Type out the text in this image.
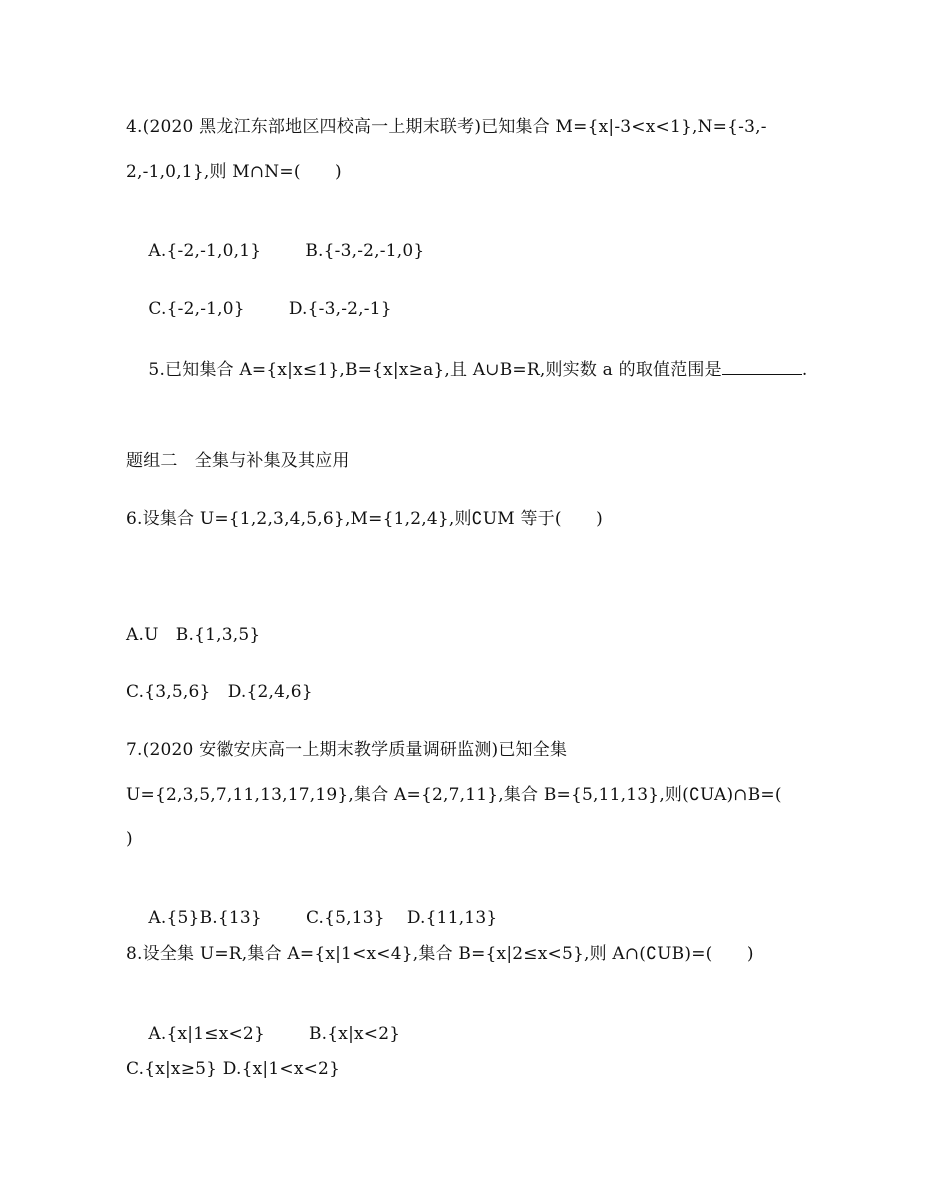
4.(2020 黑龙江东部地区四校高一上期末联考)已知集合 M={x|-3<x<1},N={-3,-
2,-1,0,1},则 M∩N=(　　)

A.{-2,-1,0,1}	B.{-3,-2,-1,0}

C.{-2,-1,0}	D.{-3,-2,-1}

5.已知集合 A={x|x≤1},B={x|x≥a},且 A∪B=R,则实数 a 的取值范围是	.

题组二　全集与补集及其应用
6.设集合 U={1,2,3,4,5,6},M={1,2,4},则∁UM 等于(　　)
A.U　B.{1,3,5}
C.{3,5,6}　D.{2,4,6}
7.(2020 安徽安庆高一上期末教学质量调研监测)已知全集
U={2,3,5,7,11,13,17,19},集合 A={2,7,11},集合 B={5,11,13},则(∁UA)∩B=(
)

A.{5}B.{13}	C.{5,13} D.{11,13}

8.设全集 U=R,集合 A={x|1<x<4},集合 B={x|2≤x<5},则 A∩(∁UB)=(　　)

A.{x|1≤x<2}	B.{x|x<2}

C.{x|x≥5} D.{x|1<x<2}
